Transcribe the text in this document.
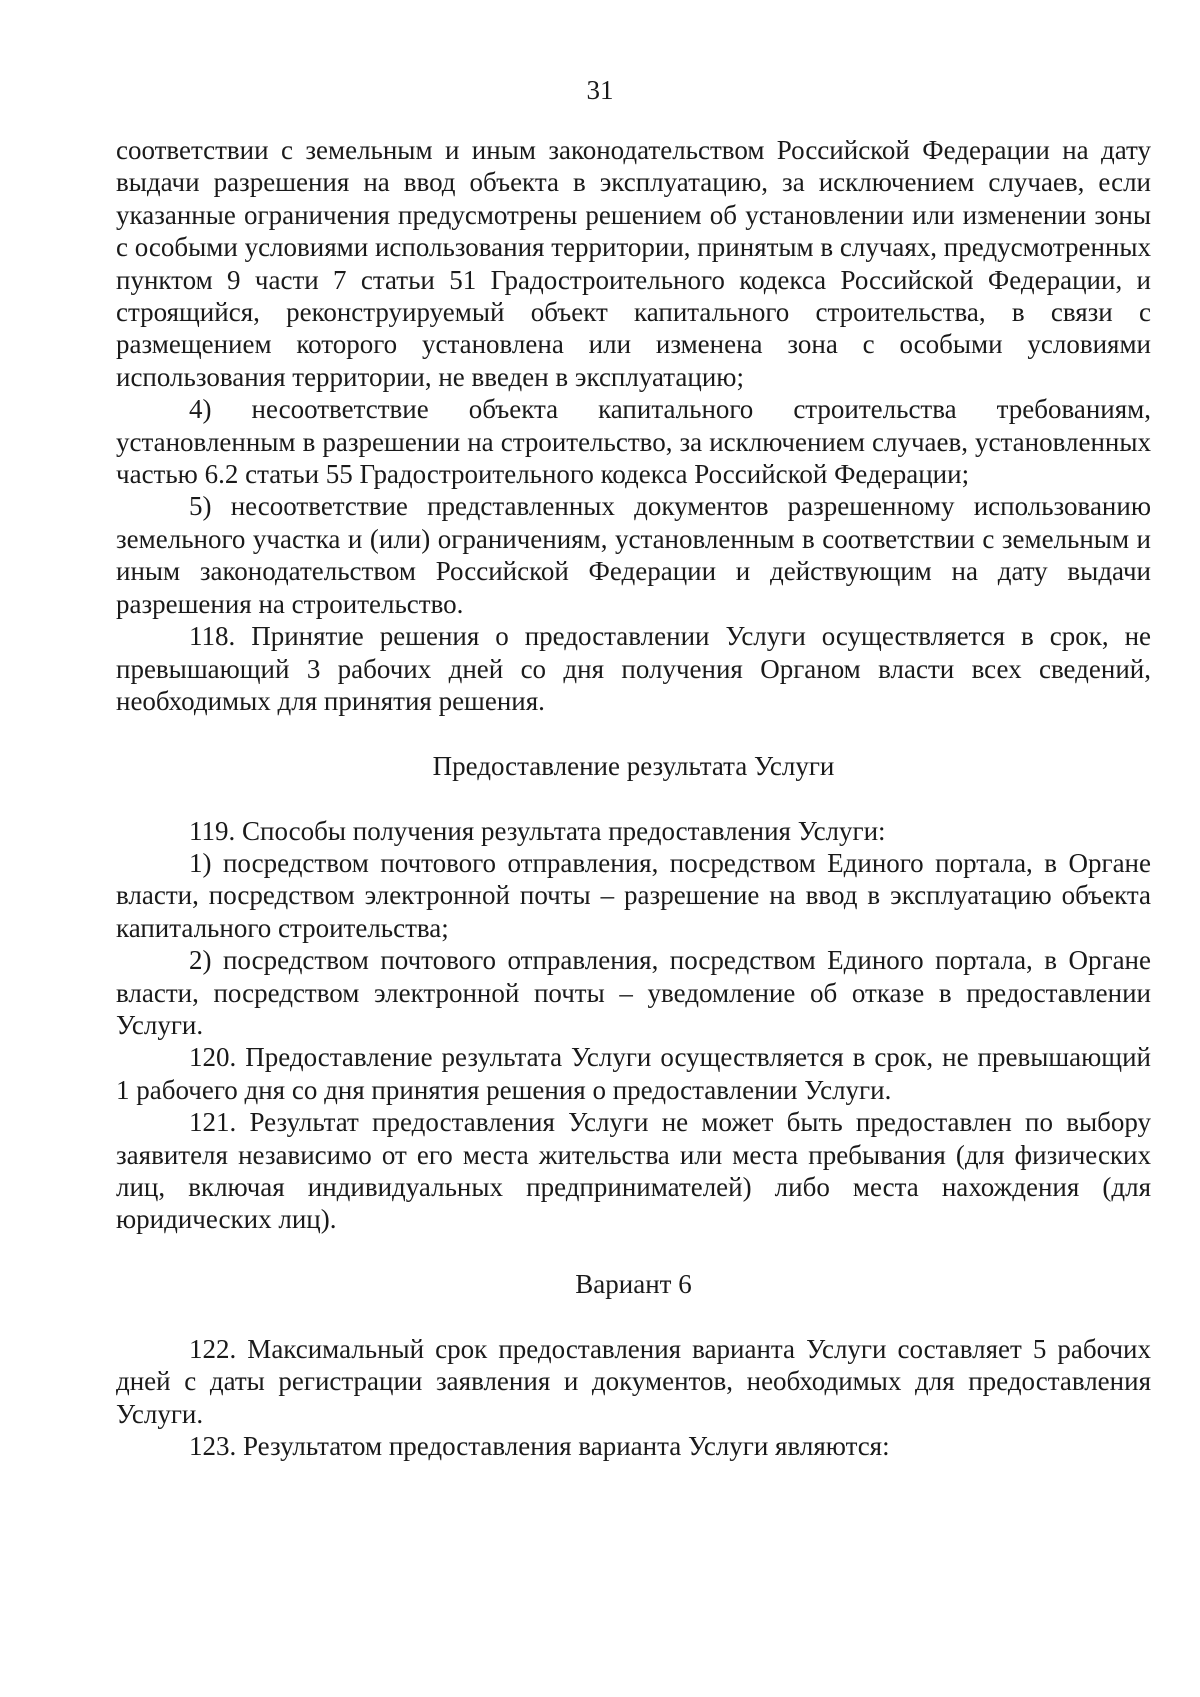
31

соответствии с земельным и иным законодательством Российской Федерации на дату выдачи разрешения на ввод объекта в эксплуатацию, за исключением случаев, если указанные ограничения предусмотрены решением об установлении или изменении зоны с особыми условиями использования территории, принятым в случаях, предусмотренных пунктом 9 части 7 статьи 51 Градостроительного кодекса Российской Федерации, и строящийся, реконструируемый объект капитального строительства, в связи с размещением которого установлена или изменена зона с особыми условиями использования территории, не введен в эксплуатацию;

4) несоответствие объекта капитального строительства требованиям, установленным в разрешении на строительство, за исключением случаев, установленных частью 6.2 статьи 55 Градостроительного кодекса Российской Федерации;

5) несоответствие представленных документов разрешенному использованию земельного участка и (или) ограничениям, установленным в соответствии с земельным и иным законодательством Российской Федерации и действующим на дату выдачи разрешения на строительство.

118. Принятие решения о предоставлении Услуги осуществляется в срок, не превышающий 3 рабочих дней со дня получения Органом власти всех сведений, необходимых для принятия решения.

Предоставление результата Услуги

119. Способы получения результата предоставления Услуги:

1) посредством почтового отправления, посредством Единого портала, в Органе власти, посредством электронной почты – разрешение на ввод в эксплуатацию объекта капитального строительства;

2) посредством почтового отправления, посредством Единого портала, в Органе власти, посредством электронной почты – уведомление об отказе в предоставлении Услуги.

120. Предоставление результата Услуги осуществляется в срок, не превышающий 1 рабочего дня со дня принятия решения о предоставлении Услуги.

121. Результат предоставления Услуги не может быть предоставлен по выбору заявителя независимо от его места жительства или места пребывания (для физических лиц, включая индивидуальных предпринимателей) либо места нахождения (для юридических лиц).

Вариант 6

122. Максимальный срок предоставления варианта Услуги составляет 5 рабочих дней с даты регистрации заявления и документов, необходимых для предоставления Услуги.

123. Результатом предоставления варианта Услуги являются:
